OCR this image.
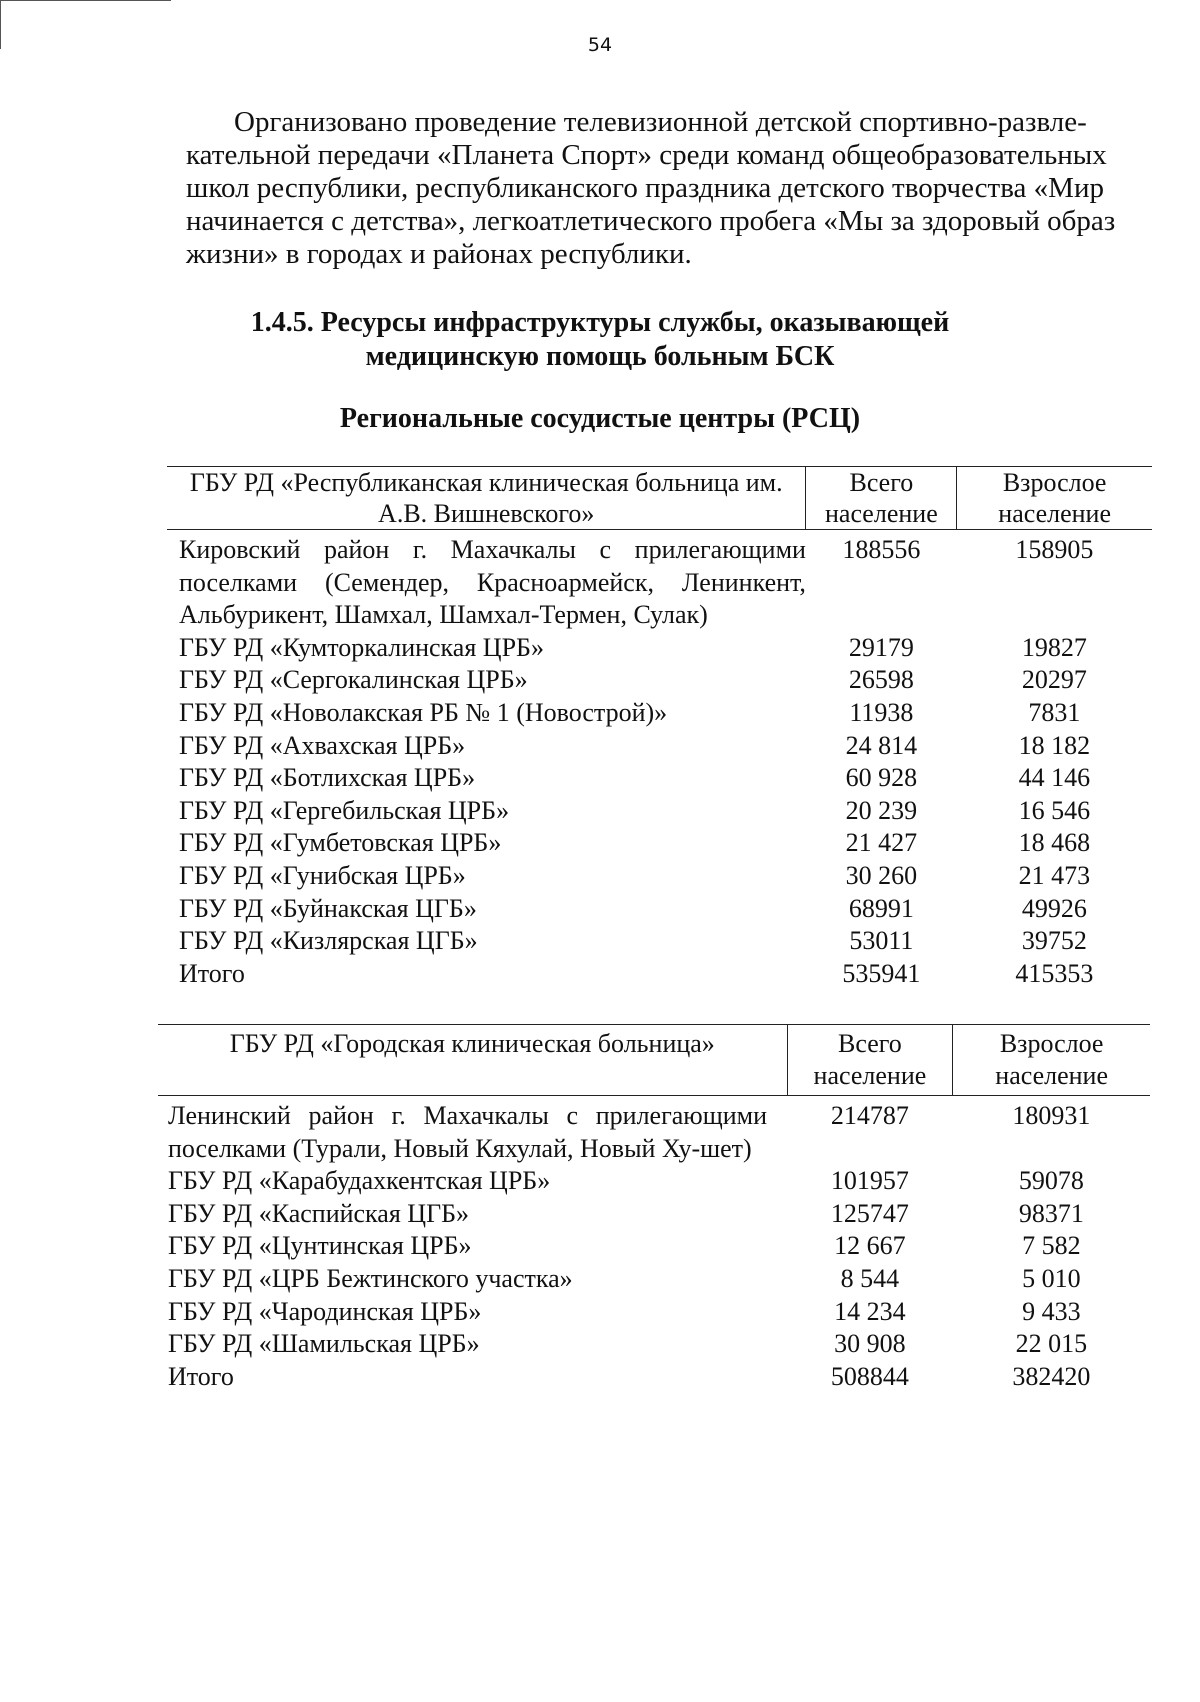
54
Организовано проведение телевизионной детской спортивно-развле-
кательной передачи «Планета Спорт» среди команд общеобразовательных
школ республики, республиканского праздника детского творчества «Мир
начинается с детства», легкоатлетического пробега «Мы за здоровый образ
жизни» в городах и районах республики.
1.4.5. Ресурсы инфраструктуры службы, оказывающей
медицинскую помощь больным БСК
Региональные сосудистые центры (РСЦ)
ГБУ РД «Республиканская клиническая больница им. А.В. Вишневского»	Всего население	Взрослое население
Кировский район г. Махачкалы с прилегающими поселками (Семендер, Красноармейск, Ленинкент, Альбурикент, Шамхал, Шамхал-Термен, Сулак)	188556	158905
ГБУ РД «Кумторкалинская ЦРБ»	29179	19827
ГБУ РД «Сергокалинская ЦРБ»	26598	20297
ГБУ РД «Новолакская РБ № 1 (Новострой)»	11938	7831
ГБУ РД «Ахвахская ЦРБ»	24 814	18 182
ГБУ РД «Ботлихская ЦРБ»	60 928	44 146
ГБУ РД «Гергебильская ЦРБ»	20 239	16 546
ГБУ РД «Гумбетовская ЦРБ»	21 427	18 468
ГБУ РД «Гунибская ЦРБ»	30 260	21 473
ГБУ РД «Буйнакская ЦГБ»	68991	49926
ГБУ РД «Кизлярская ЦГБ»	53011	39752
Итого	535941	415353
ГБУ РД «Городская клиническая больница»	Всего население	Взрослое население
Ленинский район г. Махачкалы с прилегающими поселками (Турали, Новый Кяхулай, Новый Ху-шет)	214787	180931
ГБУ РД «Карабудахкентская ЦРБ»	101957	59078
ГБУ РД «Каспийская ЦГБ»	125747	98371
ГБУ РД «Цунтинская ЦРБ»	12 667	7 582
ГБУ РД «ЦРБ Бежтинского участка»	8 544	5 010
ГБУ РД «Чародинская ЦРБ»	14 234	9 433
ГБУ РД «Шамильская ЦРБ»	30 908	22 015
Итого	508844	382420
